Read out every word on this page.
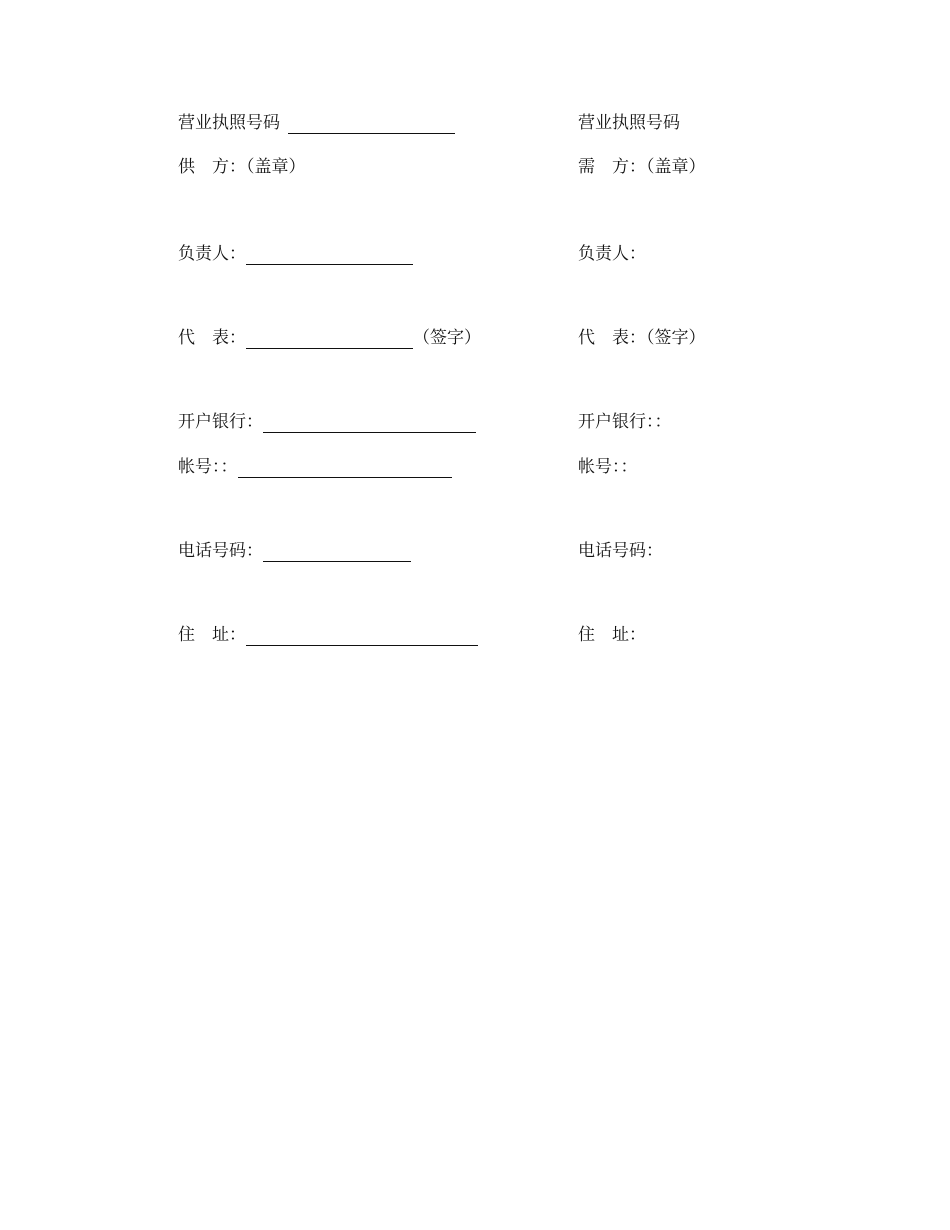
营业执照号码
供　方：（盖章）
负责人：
代　表：	（签字）
开户银行：
帐号：：
电话号码：
住　址：
营业执照号码
需　方：（盖章）
负责人：
代　表：（签字）
开户银行：：
帐号：：
电话号码：
住　址：
